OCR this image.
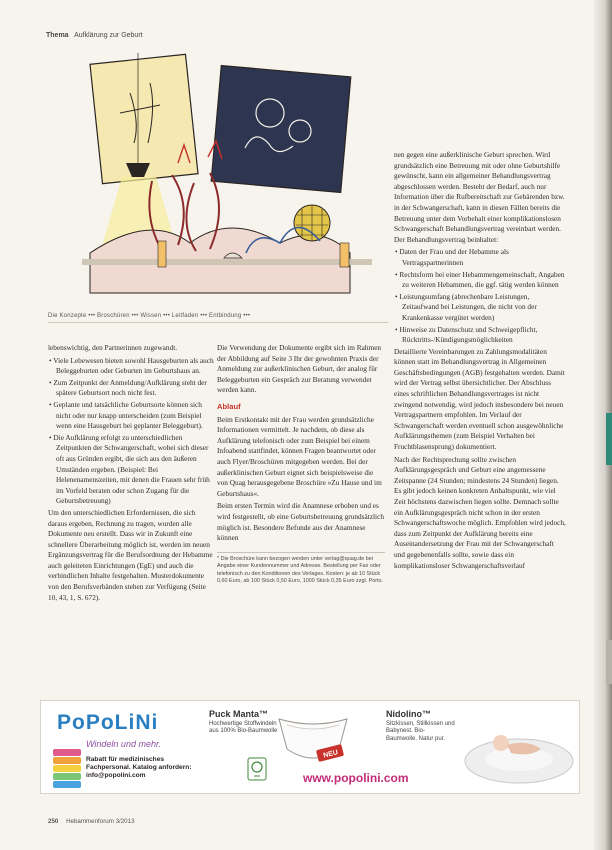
Thema Aufklärung zur Geburt
Die Konzepte ••• Broschüren ••• Wissen ••• Leitfaden ••• Entbindung •••

lebenswichtig, den Partnerinnen zugewandt.

• Viele Lebewesen bieten sowohl Hausgeburten als auch Beleggeburten oder Geburten im Geburtshaus an.

• Zum Zeitpunkt der Anmeldung/Aufklärung steht der spätere Geburtsort noch nicht fest.

• Geplante und tatsächliche Geburtsorte können sich nicht oder nur knapp unterscheiden (zum Beispiel wenn eine Hausgeburt bei geplanter Beleggeburt).

• Die Aufklärung erfolgt zu unterschiedlichen Zeitpunkten der Schwangerschaft, wobei sich dieser oft aus Gründen ergibt, die sich aus den äußeren Umständen ergeben. (Beispiel: Bei Helenenamenszeiten, mit denen die Frauen sehr früh im Vorfeld beraten oder schon Zugang für die Geburtsbetreuung)

Um den unterschiedlichen Erfordernissen, die sich daraus ergeben, Rechnung zu tragen, wurden alle Dokumente neu erstellt. Dass wir in Zukunft eine schnellere Überarbeitung möglich ist, werden im neuen Ergänzungsvertrag für die Berufsordnung der Hebamme auch geleiteten Einrichtungen (EgE) und auch die verbindlichen Inhalte festgehalten. Musterdokumente von den Berufsverbänden stehen zur Verfügung (Seite 10, 43, 1, S. 672).

Die Verwendung der Dokumente ergibt sich im Rahmen der Abbildung auf Seite 3 Ihr der gewohnten Praxis der Anmeldung zur außerklinischen Geburt, der analog für Beleggeburten ein Gespräch zur Beratung verwendet werden kann.

Ablauf

Beim Erstkontakt mit der Frau werden grundsätzliche Informationen vermittelt. Je nachdem, ob diese als Aufklärung telefonisch oder zum Beispiel bei einem Infoabend stattfindet, können Fragen beantwortet oder auch Flyer/Broschüren mitgegeben werden. Bei der außerklinischen Geburt eignet sich beispielsweise die von Quag herausgegebene Broschüre »Zu Hause und im Geburtshaus«.

Beim ersten Termin wird die Anamnese erhoben und es wird festgestellt, ob eine Geburtsbetreuung grundsätzlich möglich ist. Besondere Befunde aus der Anamnese können

* Die Broschüre kann bezogen werden unter verlag@quag.de bei Angabe einer Kundennummer und Adresse. Bestellung per Fax oder telefonisch zu den Konditionen des Verlages. Kosten: je ab 10 Stück 0,60 Euro, ab 100 Stück 0,50 Euro, 1000 Stück 0,35 Euro zzgl. Porto.

nen gegen eine außerklinische Geburt sprechen. Wird grundsätzlich eine Betreuung mit oder ohne Geburtshilfe gewünscht, kann ein allgemeiner Behandlungsvertrag abgeschlossen werden. Besteht der Bedarf, auch nur Information über die Rufbereitschaft zur Gebärenden bzw. in der Schwangerschaft, kann in diesen Fällen bereits die Betreuung unter dem Vorbehalt einer komplikationslosen Schwangerschaft Behandlungsvertrag vereinbart werden. Der Behandlungsvertrag beinhaltet:

• Daten der Frau und der Hebamme als Vertragspartnerinnen

• Rechtsform bei einer Hebammengemeinschaft, Angaben zu weiteren Hebammen, die ggf. tätig werden können

• Leistungsumfang (abrechenbare Leistungen, Zeitaufwand bei Leistungen, die nicht von der Krankenkasse vergütet werden)

• Hinweise zu Datenschutz und Schweigepflicht, Rücktritts-/Kündigungsmöglichkeiten

Detaillierte Vereinbarungen zu Zahlungsmodalitäten können statt im Behandlungsvertrag in Allgemeinen Geschäftsbedingungen (AGB) festgehalten werden. Damit wird der Vertrag selbst übersichtlicher. Der Abschluss eines schriftlichen Behandlungsvertrages ist nicht zwingend notwendig, wird jedoch insbesondere bei neuen Vertragspartnern empfohlen. Im Verlauf der Schwangerschaft werden eventuell schon ausgewöhnliche Aufklärungsthemen (zum Beispiel Verhalten bei Fruchtblasensprung) dokumentiert.

Nach der Rechtsprechung sollte zwischen Aufklärungsgespräch und Geburt eine angemessene Zeitspanne (24 Stunden; mindestens 24 Stunden) liegen. Es gibt jedoch keinen konkreten Anhaltspunkt, wie viel Zeit höchstens dazwischen liegen sollte. Demnach sollte ein Aufklärungsgespräch nicht schon in der ersten Schwangerschaftswoche möglich. Empfohlen wird jedoch, dass zum Zeitpunkt der Aufklärung bereits eine Auseinandersetzung der Frau mit der Schwangerschaft und gegebenenfalls sollte, sowie dass ein komplikationsloser Schwangerschaftsverlauf

PoPoLiNi
Windeln und mehr.
Rabatt für medizinisches Fachpersonal. Katalog anfordern: info@popolini.com
Puck Manta™
Hochwertige Stoffwindeln aus 100% Bio-Baumwolle
NEU
www.popolini.com
Nidolino™
Sitzkissen, Stillkissen und Babynest. Bio-Baumwolle. Natur pur.
250 Hebammenforum 3/2013
